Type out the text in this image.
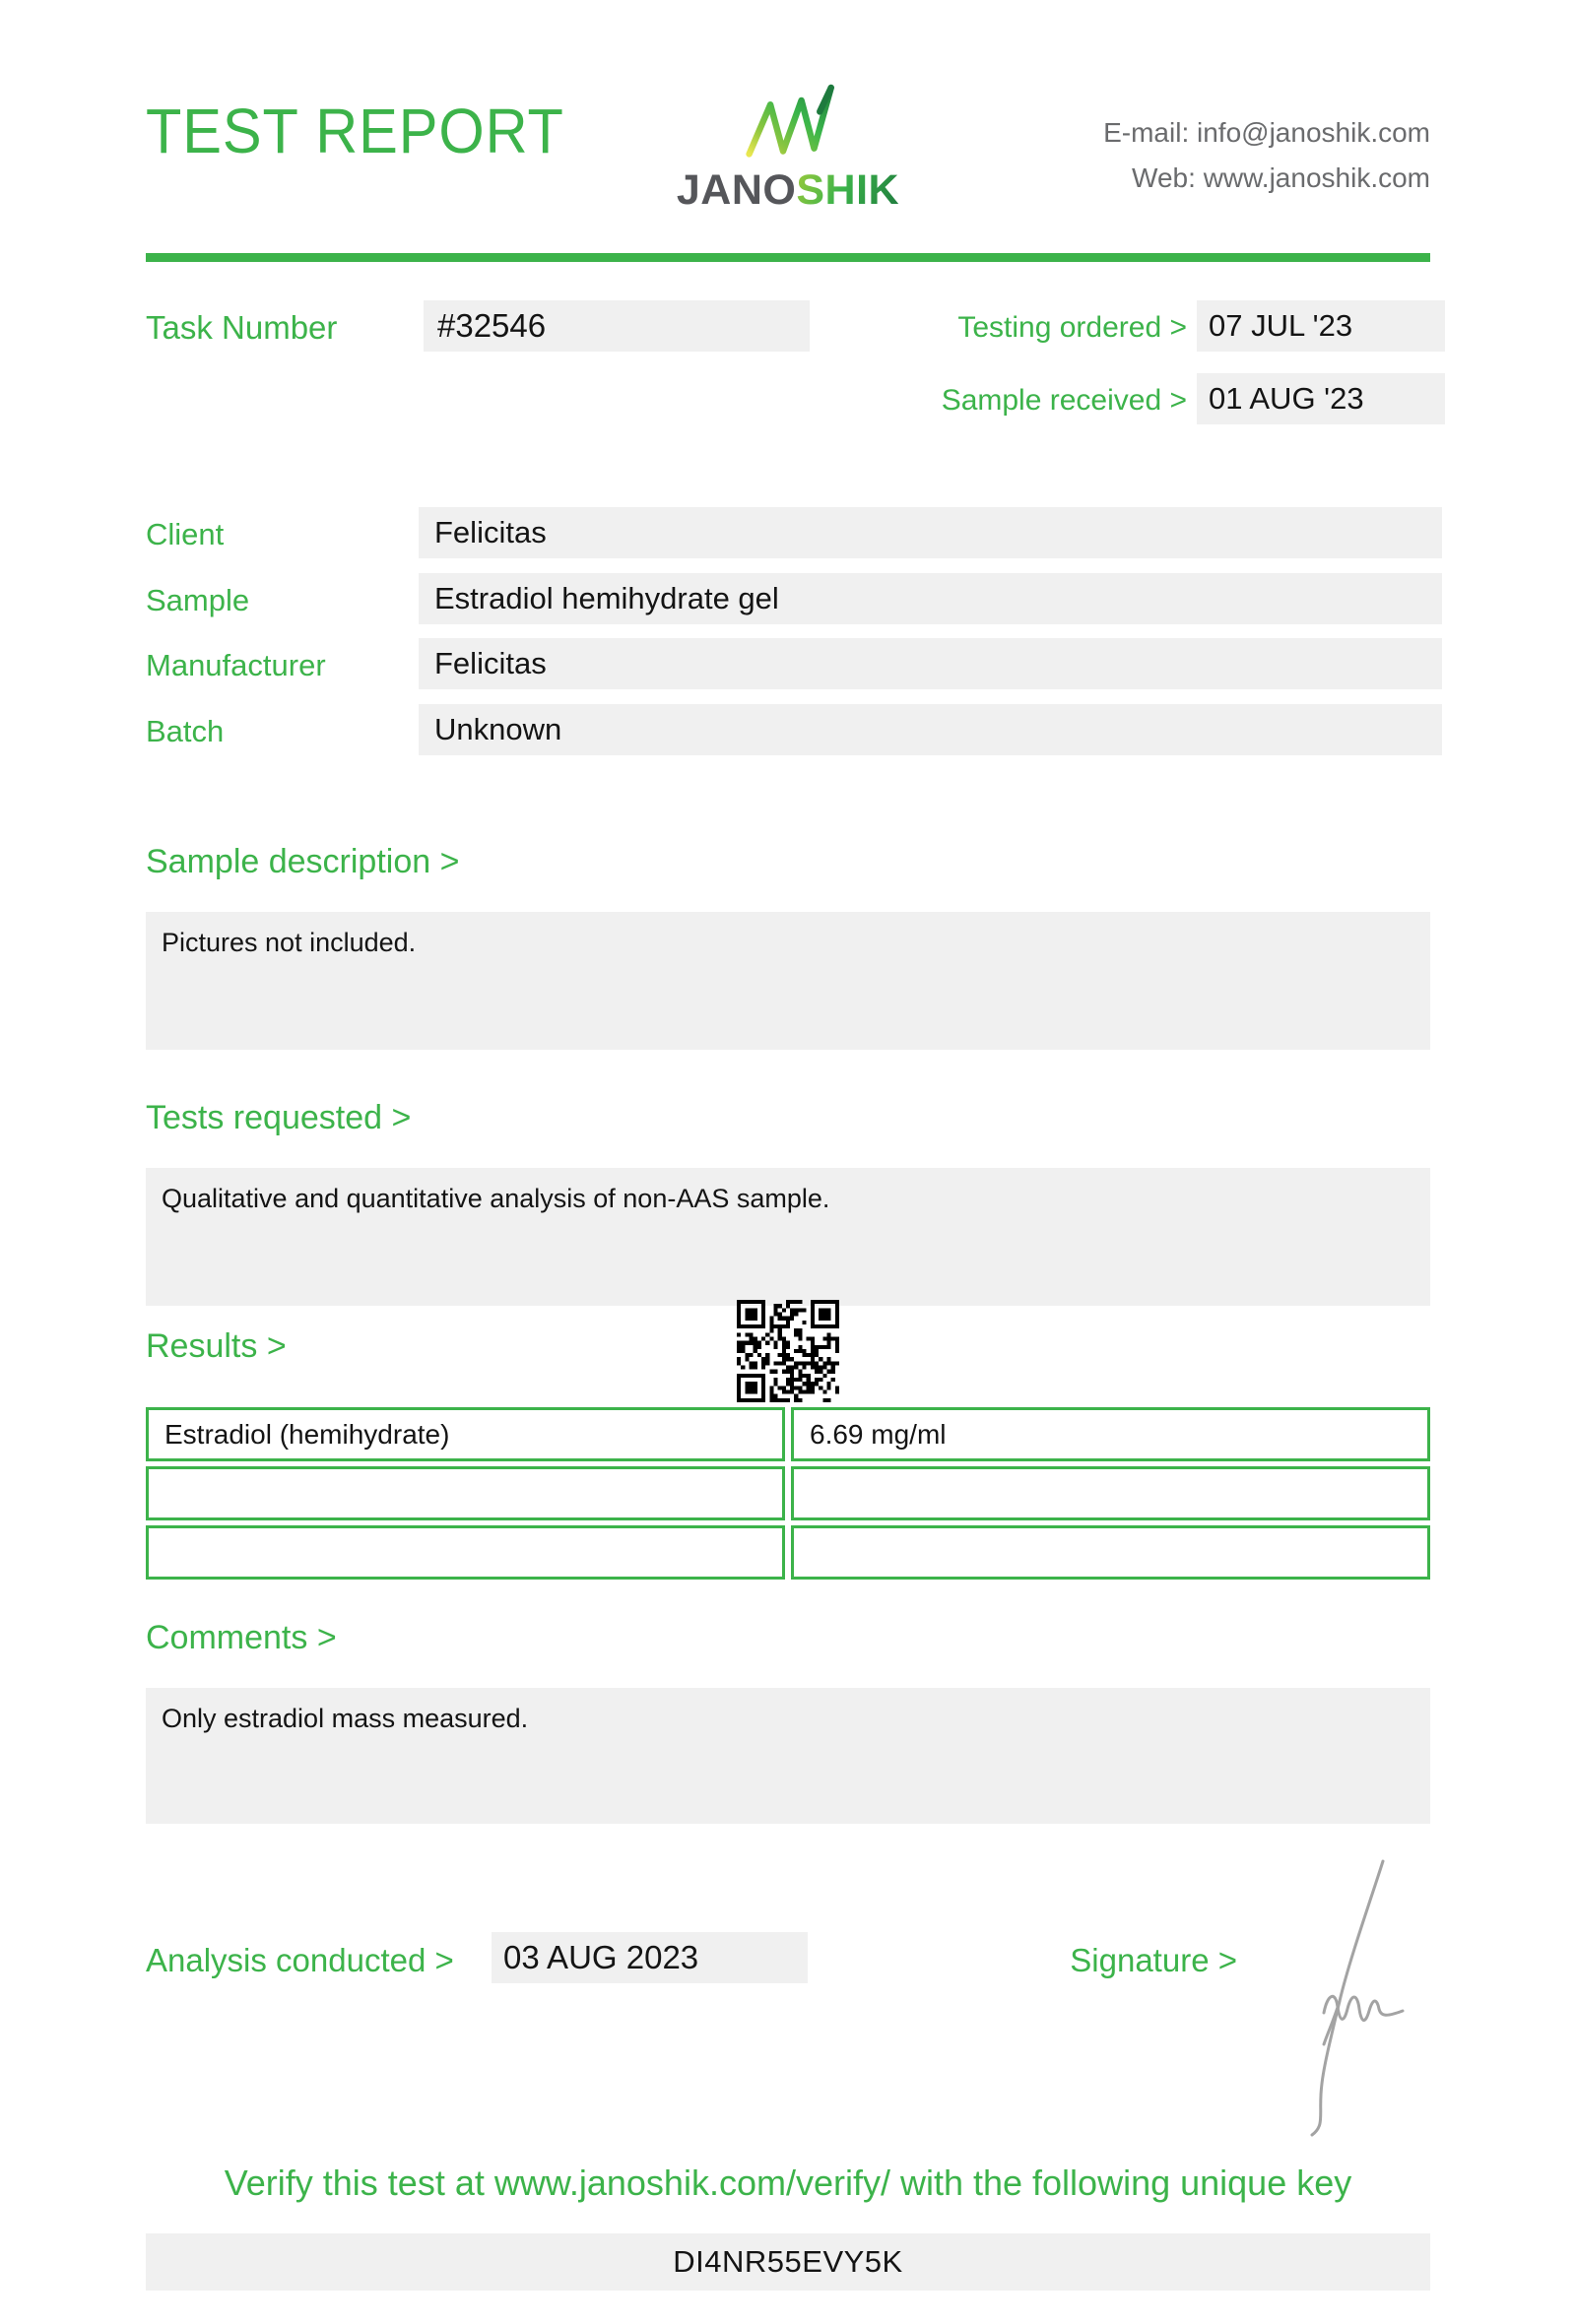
TEST REPORT
JANOSHIK
E-mail: info@janoshik.com
Web: www.janoshik.com
Task Number	#32546	Testing ordered > 07 JUL '23
Sample received > 01 AUG '23
Client	Felicitas
Sample	Estradiol hemihydrate gel
Manufacturer	Felicitas
Batch	Unknown
Sample description >
Pictures not included.
Tests requested >
Qualitative and quantitative analysis of non-AAS sample.
Results >
Estradiol (hemihydrate)	6.69 mg/ml

Comments >
Only estradiol mass measured.
Analysis conducted > 03 AUG 2023	Signature >
Verify this test at www.janoshik.com/verify/ with the following unique key
DI4NR55EVY5K
